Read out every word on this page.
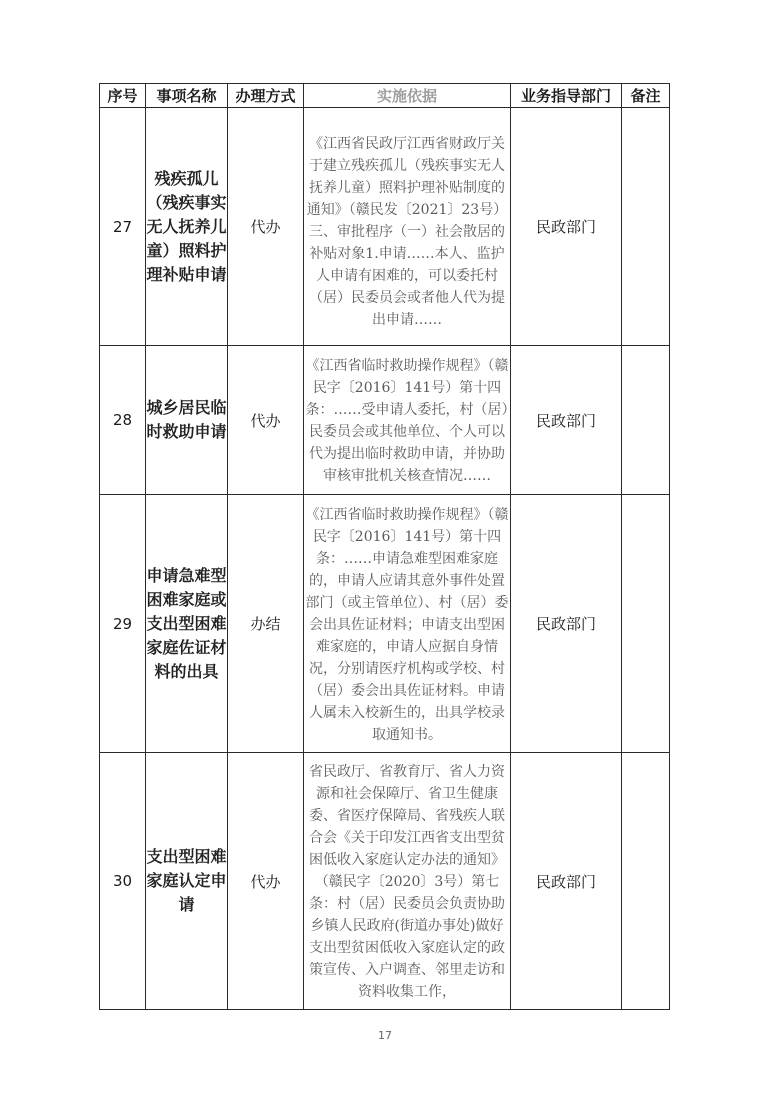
序号	事项名称	办理方式	实施依据	业务指导部门	备注
27	残疾孤儿（残疾事实无人抚养儿童）照料护理补贴申请	代办	《江西省民政厅江西省财政厅关于建立残疾孤儿（残疾事实无人抚养儿童）照料护理补贴制度的通知》（赣民发〔2021〕23号）三、审批程序（一）社会散居的补贴对象1.申请……本人、监护人申请有困难的，可以委托村（居）民委员会或者他人代为提出申请……	民政部门	
28	城乡居民临时救助申请	代办	《江西省临时救助操作规程》（赣民字〔2016〕141号）第十四条：……受申请人委托，村（居）民委员会或其他单位、个人可以代为提出临时救助申请，并协助审核审批机关核查情况……	民政部门	
29	申请急难型困难家庭或支出型困难家庭佐证材料的出具	办结	《江西省临时救助操作规程》（赣民字〔2016〕141号）第十四条：……申请急难型困难家庭的，申请人应请其意外事件处置部门（或主管单位）、村（居）委会出具佐证材料；申请支出型困难家庭的，申请人应据自身情况，分别请医疗机构或学校、村（居）委会出具佐证材料。申请人属未入校新生的，出具学校录取通知书。	民政部门	
30	支出型困难家庭认定申请	代办	省民政厅、省教育厅、省人力资源和社会保障厅、省卫生健康委、省医疗保障局、省残疾人联合会《关于印发江西省支出型贫困低收入家庭认定办法的通知》（赣民字〔2020〕3号）第七条：村（居）民委员会负责协助乡镇人民政府(街道办事处)做好支出型贫困低收入家庭认定的政策宣传、入户调查、邻里走访和资料收集工作，	民政部门	
17
